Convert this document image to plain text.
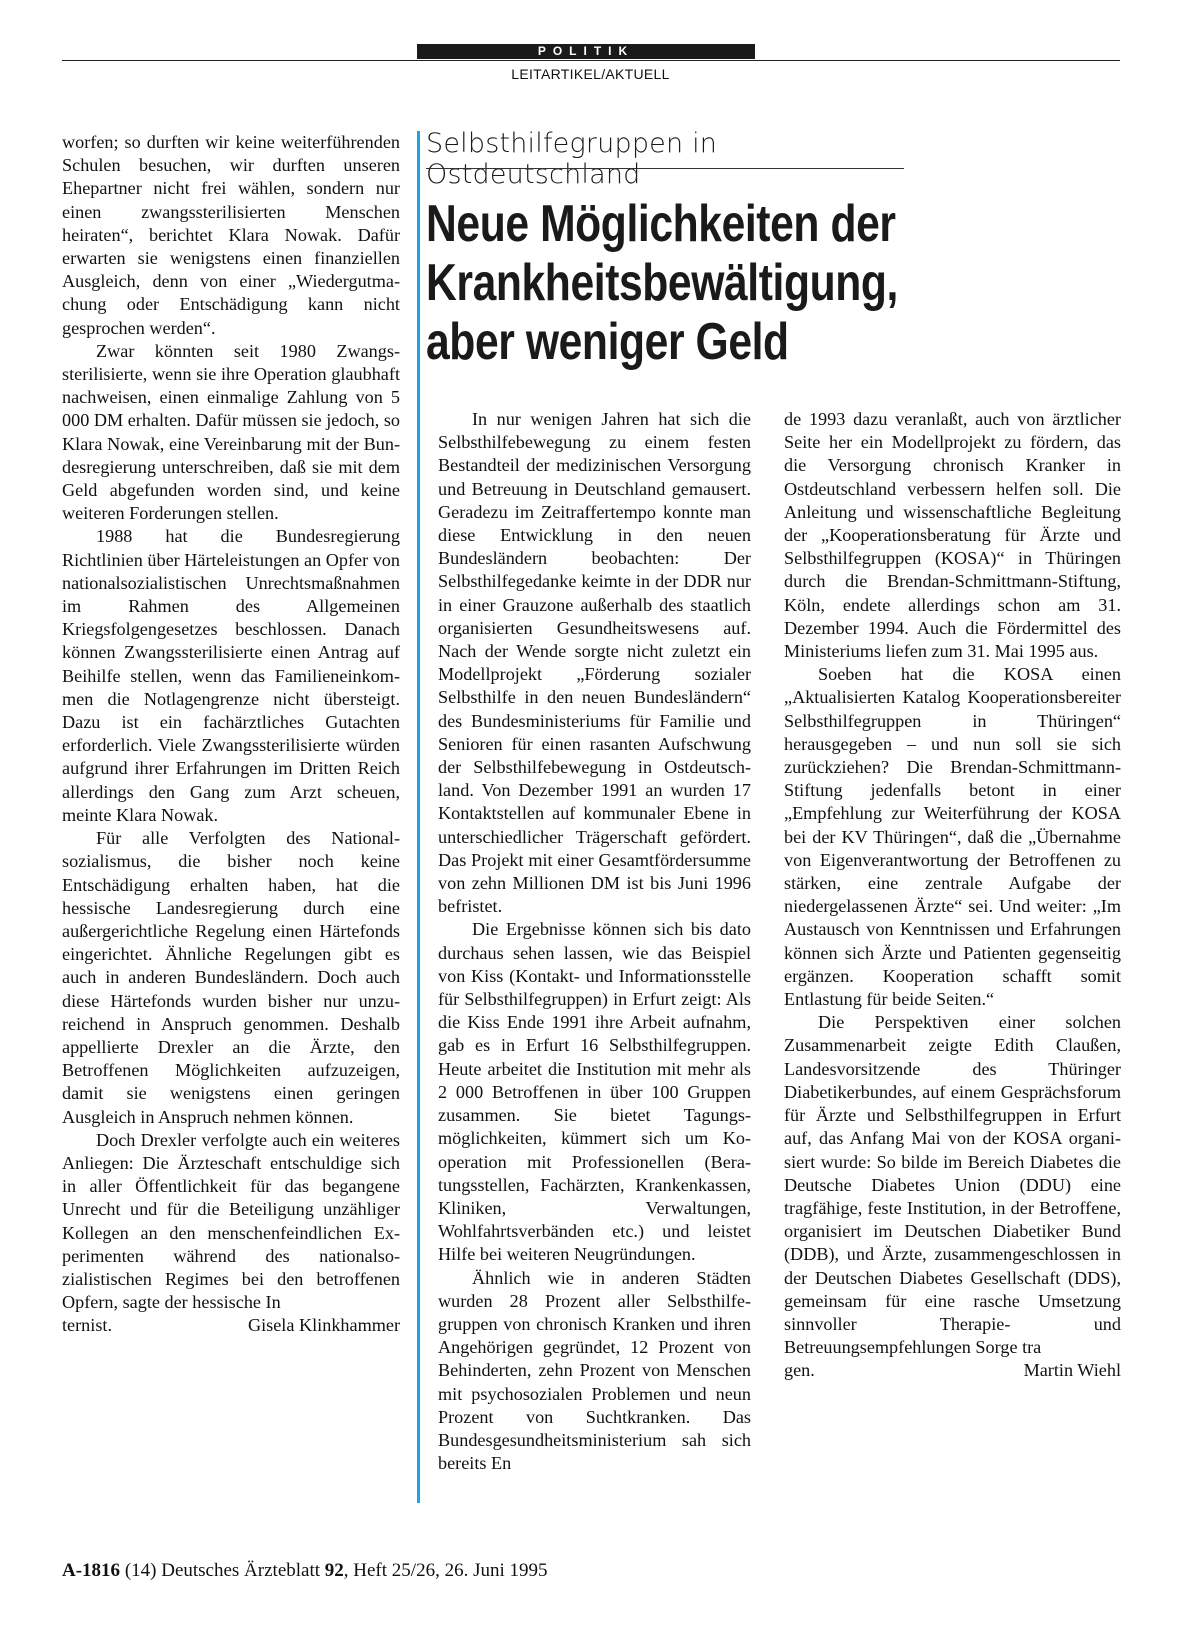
POLITIK
LEITARTIKEL/AKTUELL

worfen; so durften wir keine weiterführenden Schulen besuchen, wir durften unseren Ehepartner nicht frei wählen, sondern nur einen zwangssterilisierten Menschen heiraten“, berichtet Klara Nowak. Dafür erwarten sie wenigstens einen finanziellen Ausgleich, denn von einer „Wiedergutmachung oder Entschädigung kann nicht gesprochen werden“.

Zwar könnten seit 1980 Zwangssterilisierte, wenn sie ihre Operation glaubhaft nachweisen, einen einmalige Zahlung von 5 000 DM erhalten. Dafür müssen sie jedoch, so Klara Nowak, eine Vereinbarung mit der Bundesregierung unterschreiben, daß sie mit dem Geld abgefunden worden sind, und keine weiteren Forderungen stellen.

1988 hat die Bundesregierung Richtlinien über Härteleistungen an Opfer von nationalsozialistischen Unrechtsmaßnahmen im Rahmen des Allgemeinen Kriegsfolgengesetzes beschlossen. Danach können Zwangssterilisierte einen Antrag auf Beihilfe stellen, wenn das Familieneinkommen die Notlagengrenze nicht übersteigt. Dazu ist ein fachärztliches Gutachten erforderlich. Viele Zwangssterilisierte würden aufgrund ihrer Erfahrungen im Dritten Reich allerdings den Gang zum Arzt scheuen, meinte Klara Nowak.

Für alle Verfolgten des Nationalsozialismus, die bisher noch keine Entschädigung erhalten haben, hat die hessische Landesregierung durch eine außergerichtliche Regelung einen Härtefonds eingerichtet. Ähnliche Regelungen gibt es auch in anderen Bundesländern. Doch auch diese Härtefonds wurden bisher nur unzureichend in Anspruch genommen. Deshalb appellierte Drexler an die Ärzte, den Betroffenen Möglichkeiten aufzuzeigen, damit sie wenigstens einen geringen Ausgleich in Anspruch nehmen können.

Doch Drexler verfolgte auch ein weiteres Anliegen: Die Ärzteschaft entschuldige sich in aller Öffentlichkeit für das begangene Unrecht und für die Beteiligung unzähliger Kollegen an den menschenfeindlichen Experimenten während des nationalsozialistischen Regimes bei den betroffenen Opfern, sagte der hessische In

ternist.	Gisela Klinkhammer
Selbsthilfegruppen in Ostdeutschland
Neue Möglichkeiten der
Krankheitsbewältigung,
aber weniger Geld

In nur wenigen Jahren hat sich die Selbsthilfebewegung zu einem festen Bestandteil der medizinischen Versorgung und Betreuung in Deutschland gemausert. Geradezu im Zeitraffertempo konnte man diese Entwicklung in den neuen Bundesländern beobachten: Der Selbsthilfegedanke keimte in der DDR nur in einer Grauzone außerhalb des staatlich organisierten Gesundheitswesens auf. Nach der Wende sorgte nicht zuletzt ein Modellprojekt „Förderung sozialer Selbsthilfe in den neuen Bundesländern“ des Bundesministeriums für Familie und Senioren für einen rasanten Aufschwung der Selbsthilfebewegung in Ostdeutschland. Von Dezember 1991 an wurden 17 Kontaktstellen auf kommunaler Ebene in unterschiedlicher Trägerschaft gefördert. Das Projekt mit einer Gesamtfördersumme von zehn Millionen DM ist bis Juni 1996 befristet.

Die Ergebnisse können sich bis dato durchaus sehen lassen, wie das Beispiel von Kiss (Kontakt- und Informationsstelle für Selbsthilfegruppen) in Erfurt zeigt: Als die Kiss Ende 1991 ihre Arbeit aufnahm, gab es in Erfurt 16 Selbsthilfegruppen. Heute arbeitet die Institution mit mehr als 2 000 Betroffenen in über 100 Gruppen zusammen. Sie bietet Tagungsmöglichkeiten, kümmert sich um Kooperation mit Professionellen (Beratungsstellen, Fachärzten, Krankenkassen, Kliniken, Verwaltungen, Wohlfahrtsverbänden etc.) und leistet Hilfe bei weiteren Neugründungen.

Ähnlich wie in anderen Städten wurden 28 Prozent aller Selbsthilfegruppen von chronisch Kranken und ihren Angehörigen gegründet, 12 Prozent von Behinderten, zehn Prozent von Menschen mit psychosozialen Problemen und neun Prozent von Suchtkranken. Das Bundesgesundheitsministerium sah sich bereits En

de 1993 dazu veranlaßt, auch von ärztlicher Seite her ein Modellprojekt zu fördern, das die Versorgung chronisch Kranker in Ostdeutschland verbessern helfen soll. Die Anleitung und wissenschaftliche Begleitung der „Kooperationsberatung für Ärzte und Selbsthilfegruppen (KOSA)“ in Thüringen durch die Brendan-Schmittmann-Stiftung, Köln, endete allerdings schon am 31. Dezember 1994. Auch die Fördermittel des Ministeriums liefen zum 31. Mai 1995 aus.

Soeben hat die KOSA einen „Aktualisierten Katalog Kooperationsbereiter Selbsthilfegruppen in Thüringen“ herausgegeben – und nun soll sie sich zurückziehen? Die Brendan-Schmittmann-Stiftung jedenfalls betont in einer „Empfehlung zur Weiterführung der KOSA bei der KV Thüringen“, daß die „Übernahme von Eigenverantwortung der Betroffenen zu stärken, eine zentrale Aufgabe der niedergelassenen Ärzte“ sei. Und weiter: „Im Austausch von Kenntnissen und Erfahrungen können sich Ärzte und Patienten gegenseitig ergänzen. Kooperation schafft somit Entlastung für beide Seiten.“

Die Perspektiven einer solchen Zusammenarbeit zeigte Edith Claußen, Landesvorsitzende des Thüringer Diabetikerbundes, auf einem Gesprächsforum für Ärzte und Selbsthilfegruppen in Erfurt auf, das Anfang Mai von der KOSA organisiert wurde: So bilde im Bereich Diabetes die Deutsche Diabetes Union (DDU) eine tragfähige, feste Institution, in der Betroffene, organisiert im Deutschen Diabetiker Bund (DDB), und Ärzte, zusammengeschlossen in der Deutschen Diabetes Gesellschaft (DDS), gemeinsam für eine rasche Umsetzung sinnvoller Therapie- und Betreuungsempfehlungen Sorge tra

gen.	Martin Wiehl
A-1816 (14) Deutsches Ärzteblatt 92, Heft 25/26, 26. Juni 1995
